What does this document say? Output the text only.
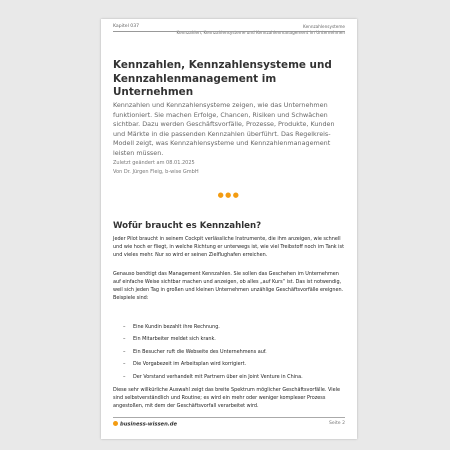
Kapitel 037	Kennzahlensysteme
Kennzahlen, Kennzahlensysteme und Kennzahlenmanagement im Unternehmen
Kennzahlen, Kennzahlensysteme und Kennzahlenmanagement im Unternehmen
Kennzahlen und Kennzahlensysteme zeigen, wie das Unternehmen funktioniert. Sie machen Erfolge, Chancen, Risiken und Schwächen sichtbar. Dazu werden Geschäftsvorfälle, Prozesse, Produkte, Kunden und Märkte in die passenden Kennzahlen überführt. Das Regelkreis-Modell zeigt, was Kennzahlensysteme und Kennzahlenmanagement leisten müssen.
Zuletzt geändert am 08.01.2025
Von Dr. Jürgen Fleig, b-wise GmbH
●●●
Wofür braucht es Kennzahlen?
Jeder Pilot braucht in seinem Cockpit verlässliche Instrumente, die ihm anzeigen, wie schnell und wie hoch er fliegt, in welche Richtung er unterwegs ist, wie viel Treibstoff noch im Tank ist und vieles mehr. Nur so wird er seinen Zielflughafen erreichen.
Genauso benötigt das Management Kennzahlen. Sie sollen das Geschehen im Unternehmen auf einfache Weise sichtbar machen und anzeigen, ob alles „auf Kurs“ ist. Das ist notwendig, weil sich jeden Tag in großen und kleinen Unternehmen unzählige Geschäftsvorfälle ereignen. Beispiele sind:
– Eine Kundin bezahlt ihre Rechnung.
– Ein Mitarbeiter meldet sich krank.
– Ein Besucher ruft die Webseite des Unternehmens auf.
– Die Vorgabezeit im Arbeitsplan wird korrigiert.
– Der Vorstand verhandelt mit Partnern über ein Joint Venture in China.
Diese sehr willkürliche Auswahl zeigt das breite Spektrum möglicher Geschäftsvorfälle. Viele sind selbstverständlich und Routine; es wird ein mehr oder weniger komplexer Prozess angestoßen, mit dem der Geschäftsvorfall verarbeitet wird.
business-wissen.de	Seite 2
